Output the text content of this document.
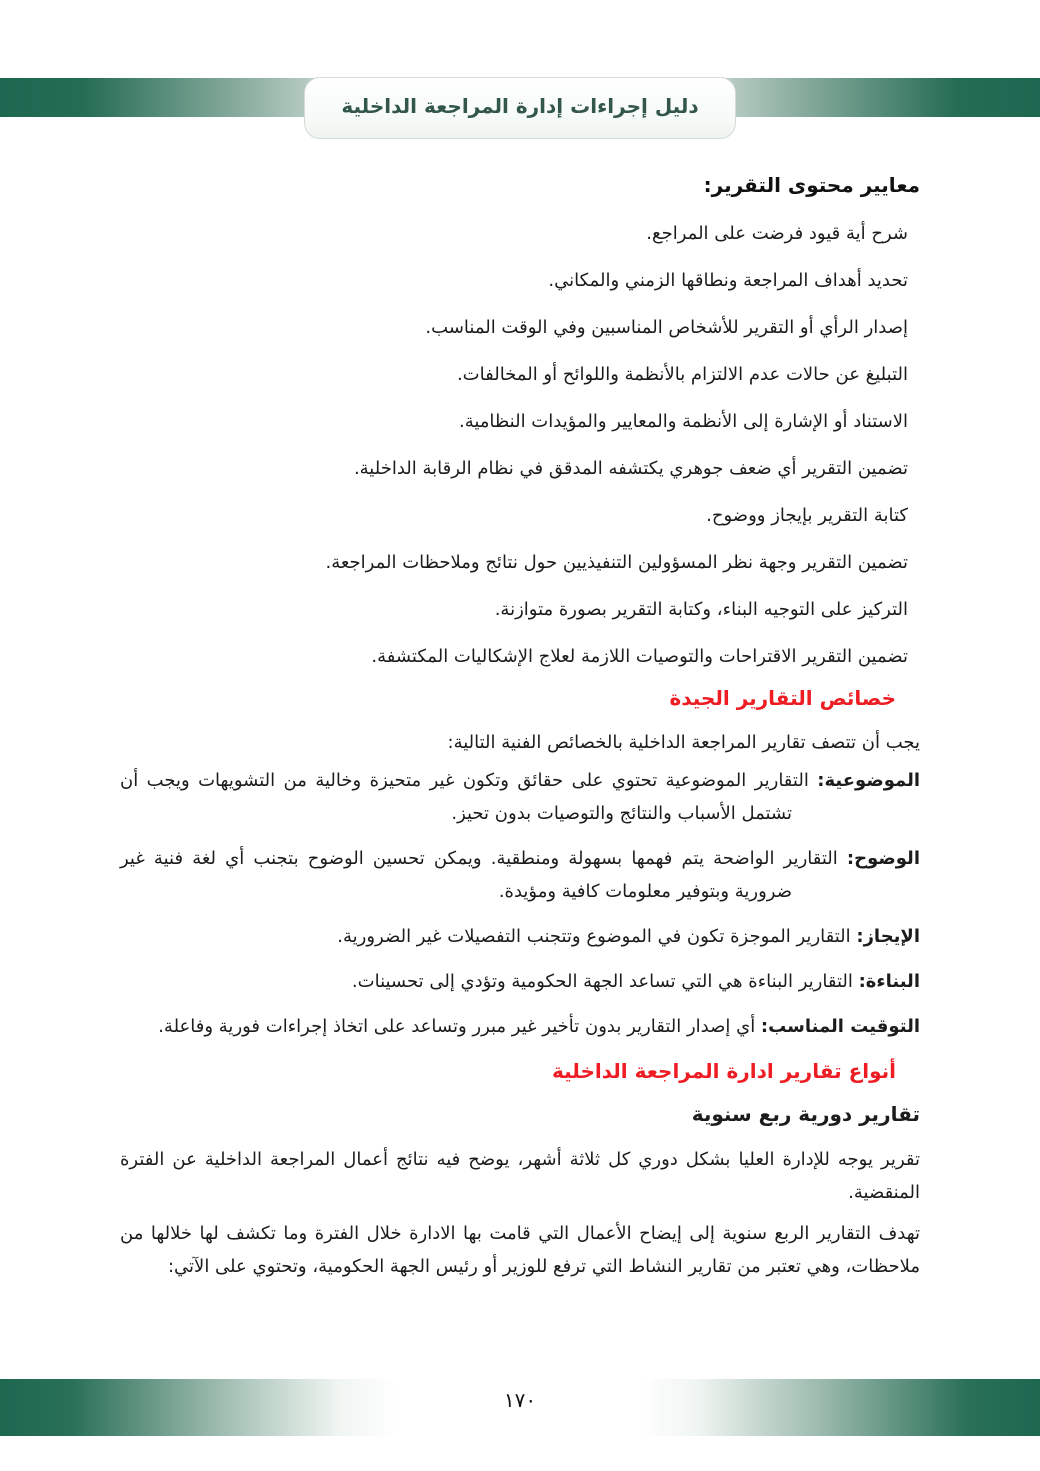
دليل إجراءات إدارة المراجعة الداخلية
معايير محتوى التقرير:
شرح أية قيود فرضت على المراجع.
تحديد أهداف المراجعة ونطاقها الزمني والمكاني.
إصدار الرأي أو التقرير للأشخاص المناسبين وفي الوقت المناسب.
التبليغ عن حالات عدم الالتزام بالأنظمة واللوائح أو المخالفات.
الاستناد أو الإشارة إلى الأنظمة والمعايير والمؤيدات النظامية.
تضمين التقرير أي ضعف جوهري يكتشفه المدقق في نظام الرقابة الداخلية.
كتابة التقرير بإيجاز ووضوح.
تضمين التقرير وجهة نظر المسؤولين التنفيذيين حول نتائج وملاحظات المراجعة.
التركيز على التوجيه البناء، وكتابة التقرير بصورة متوازنة.
تضمين التقرير الاقتراحات والتوصيات اللازمة لعلاج الإشكاليات المكتشفة.
خصائص التقارير الجيدة

يجب أن تتصف تقارير المراجعة الداخلية بالخصائص الفنية التالية:

الموضوعية: التقارير الموضوعية تحتوي على حقائق وتكون غير متحيزة وخالية من التشويهات ويجب أن تشتمل الأسباب والنتائج والتوصيات بدون تحيز.

الوضوح: التقارير الواضحة يتم فهمها بسهولة ومنطقية. ويمكن تحسين الوضوح بتجنب أي لغة فنية غير ضرورية وبتوفير معلومات كافية ومؤيدة.

الإيجاز: التقارير الموجزة تكون في الموضوع وتتجنب التفصيلات غير الضرورية.

البناءة: التقارير البناءة هي التي تساعد الجهة الحكومية وتؤدي إلى تحسينات.

التوقيت المناسب: أي إصدار التقارير بدون تأخير غير مبرر وتساعد على اتخاذ إجراءات فورية وفاعلة.

أنواع تقارير ادارة المراجعة الداخلية
تقارير دورية ربع سنوية

تقرير يوجه للإدارة العليا بشكل دوري كل ثلاثة أشهر، يوضح فيه نتائج أعمال المراجعة الداخلية عن الفترة المنقضية.

تهدف التقارير الربع سنوية إلى إيضاح الأعمال التي قامت بها الادارة خلال الفترة وما تكشف لها خلالها من ملاحظات، وهي تعتبر من تقارير النشاط التي ترفع للوزير أو رئيس الجهة الحكومية، وتحتوي على الآتي:

١٧٠
